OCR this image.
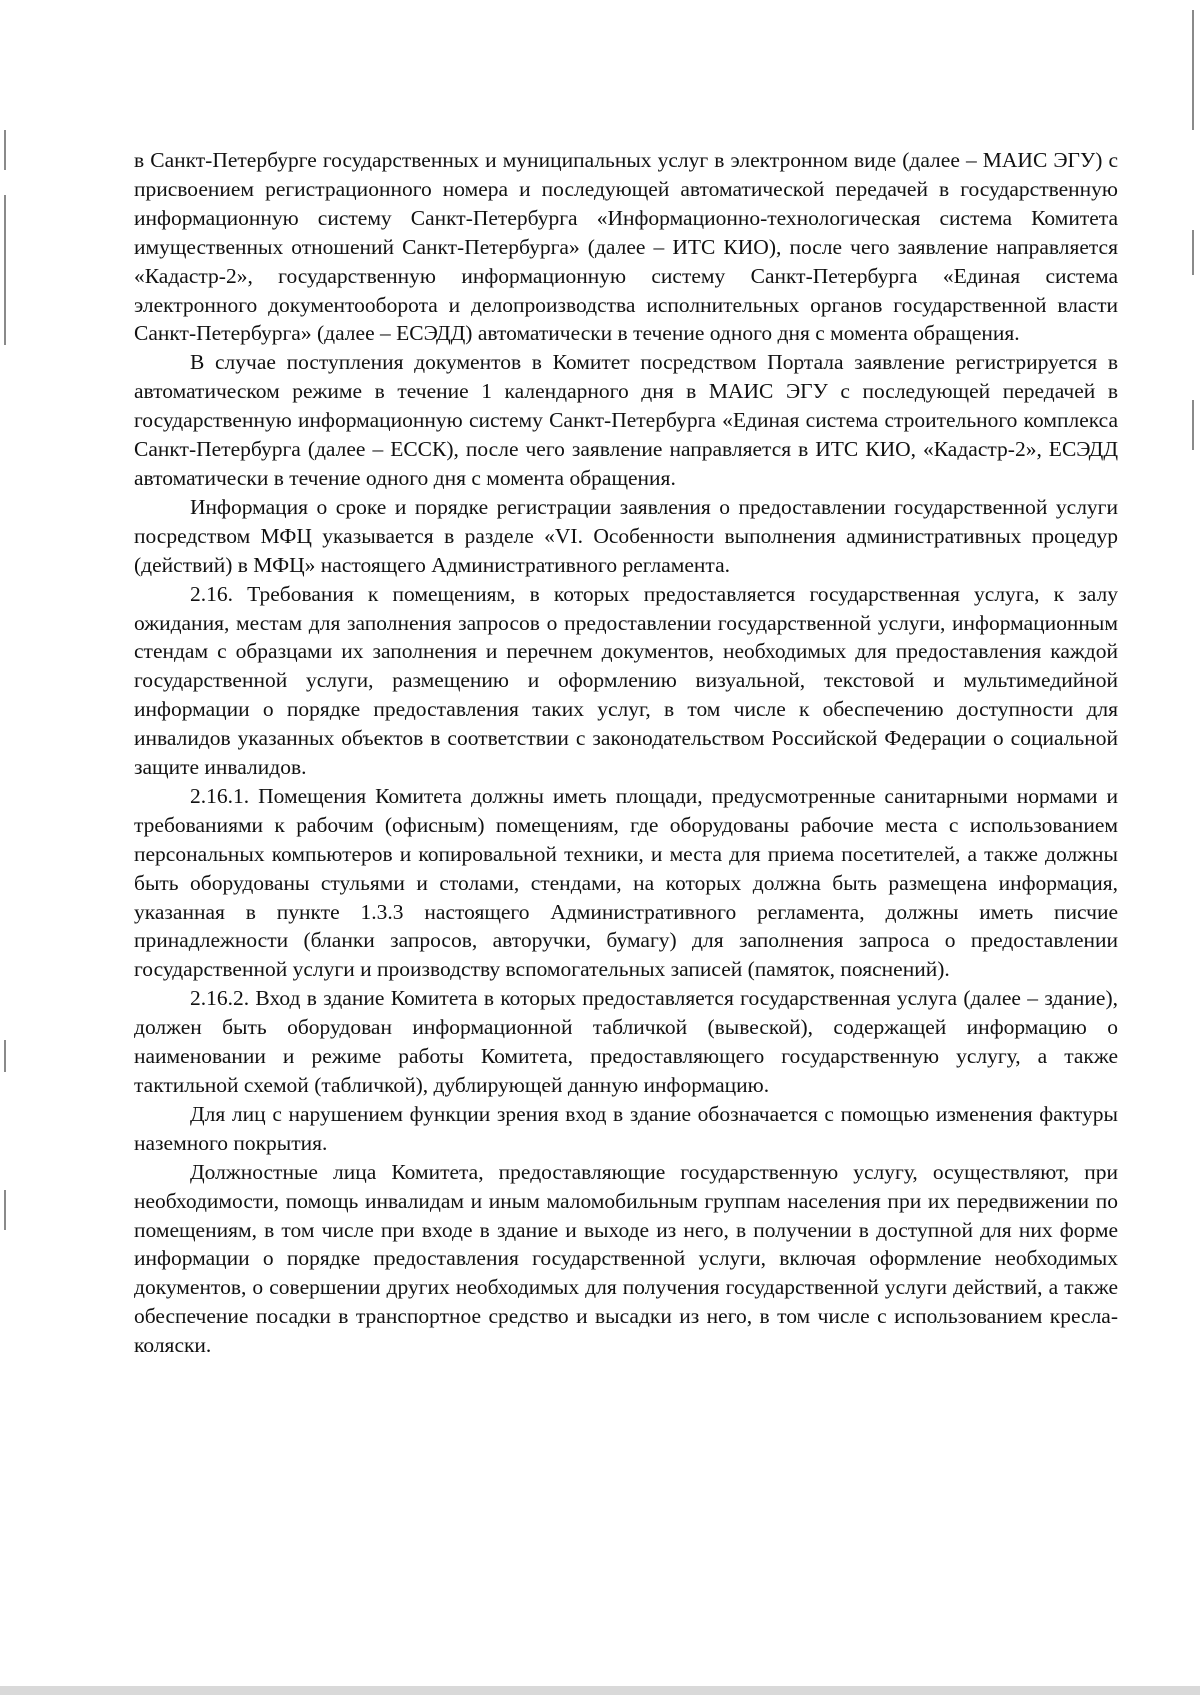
в Санкт-Петербурге государственных и муниципальных услуг в электронном виде (далее – МАИС ЭГУ) с присвоением регистрационного номера и последующей автоматической передачей в государственную информационную систему Санкт-Петербурга «Информационно-технологическая система Комитета имущественных отношений Санкт-Петербурга» (далее – ИТС КИО), после чего заявление направляется «Кадастр-2», государственную информационную систему Санкт-Петербурга «Единая система электронного документооборота и делопроизводства исполнительных органов государственной власти Санкт-Петербурга» (далее – ЕСЭДД) автоматически в течение одного дня с момента обращения.

В случае поступления документов в Комитет посредством Портала заявление регистрируется в автоматическом режиме в течение 1 календарного дня в МАИС ЭГУ с последующей передачей в государственную информационную систему Санкт-Петербурга «Единая система строительного комплекса Санкт-Петербурга (далее – ЕССК), после чего заявление направляется в ИТС КИО, «Кадастр-2», ЕСЭДД автоматически в течение одного дня с момента обращения.

Информация о сроке и порядке регистрации заявления о предоставлении государственной услуги посредством МФЦ указывается в разделе «VI. Особенности выполнения административных процедур (действий) в МФЦ» настоящего Административного регламента.

2.16. Требования к помещениям, в которых предоставляется государственная услуга, к залу ожидания, местам для заполнения запросов о предоставлении государственной услуги, информационным стендам с образцами их заполнения и перечнем документов, необходимых для предоставления каждой государственной услуги, размещению и оформлению визуальной, текстовой и мультимедийной информации о порядке предоставления таких услуг, в том числе к обеспечению доступности для инвалидов указанных объектов в соответствии с законодательством Российской Федерации о социальной защите инвалидов.

2.16.1. Помещения Комитета должны иметь площади, предусмотренные санитарными нормами и требованиями к рабочим (офисным) помещениям, где оборудованы рабочие места с использованием персональных компьютеров и копировальной техники, и места для приема посетителей, а также должны быть оборудованы стульями и столами, стендами, на которых должна быть размещена информация, указанная в пункте 1.3.3 настоящего Административного регламента, должны иметь писчие принадлежности (бланки запросов, авторучки, бумагу) для заполнения запроса о предоставлении государственной услуги и производству вспомогательных записей (памяток, пояснений).

2.16.2. Вход в здание Комитета в которых предоставляется государственная услуга (далее – здание), должен быть оборудован информационной табличкой (вывеской), содержащей информацию о наименовании и режиме работы Комитета, предоставляющего государственную услугу, а также тактильной схемой (табличкой), дублирующей данную информацию.

Для лиц с нарушением функции зрения вход в здание обозначается с помощью изменения фактуры наземного покрытия.

Должностные лица Комитета, предоставляющие государственную услугу, осуществляют, при необходимости, помощь инвалидам и иным маломобильным группам населения при их передвижении по помещениям, в том числе при входе в здание и выходе из него, в получении в доступной для них форме информации о порядке предоставления государственной услуги, включая оформление необходимых документов, о совершении других необходимых для получения государственной услуги действий, а также обеспечение посадки в транспортное средство и высадки из него, в том числе с использованием кресла-коляски.
